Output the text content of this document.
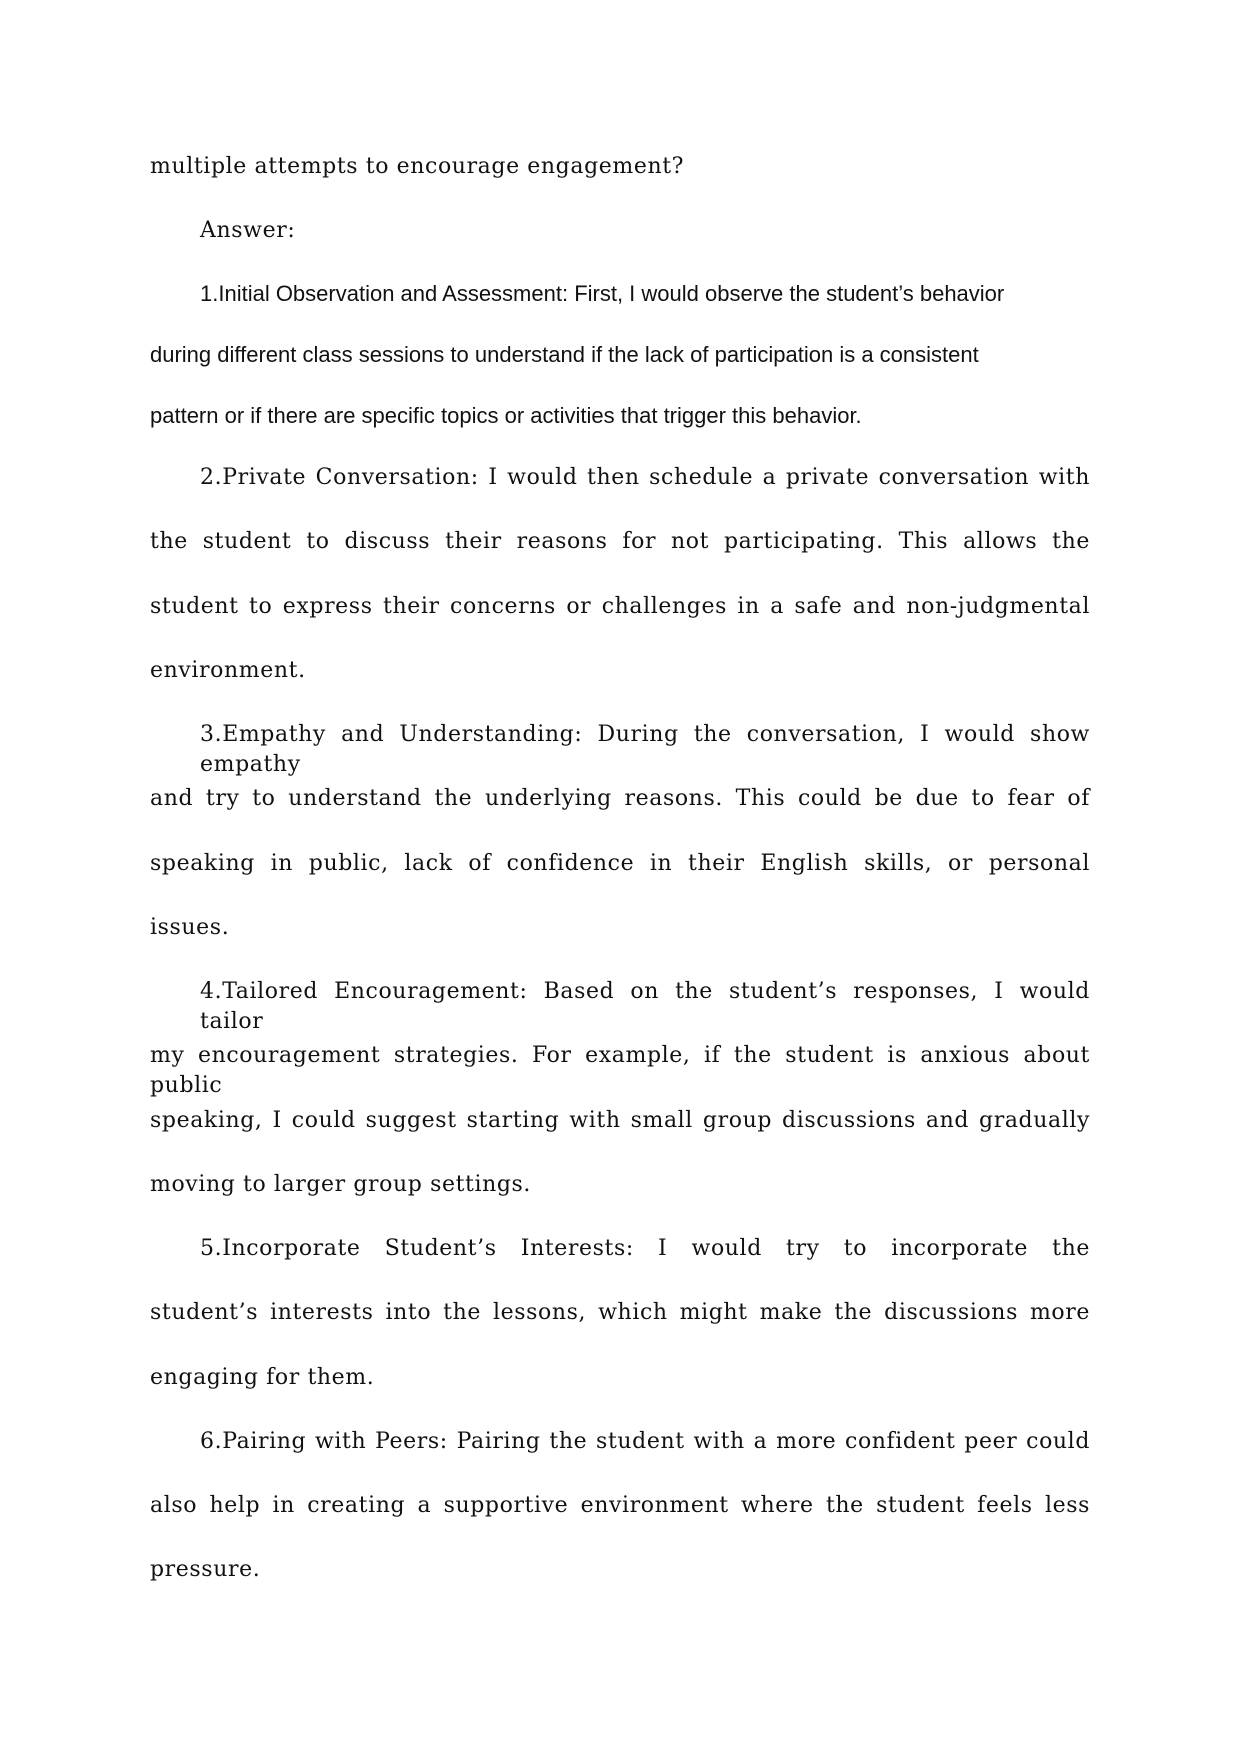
multiple attempts to encourage engagement?

Answer:

1.Initial Observation and Assessment: First, I would observe the student’s behavior

during different class sessions to understand if the lack of participation is a consistent

pattern or if there are specific topics or activities that trigger this behavior.

2.Private Conversation: I would then schedule a private conversation with

the student to discuss their reasons for not participating. This allows the

student to express their concerns or challenges in a safe and non-judgmental

environment.

3.Empathy and Understanding: During the conversation, I would show empathy

and try to understand the underlying reasons. This could be due to fear of

speaking in public, lack of confidence in their English skills, or personal

issues.

4.Tailored Encouragement: Based on the student’s responses, I would tailor

my encouragement strategies. For example, if the student is anxious about public

speaking, I could suggest starting with small group discussions and gradually

moving to larger group settings.

5.Incorporate Student’s Interests: I would try to incorporate the

student’s interests into the lessons, which might make the discussions more

engaging for them.

6.Pairing with Peers: Pairing the student with a more confident peer could

also help in creating a supportive environment where the student feels less

pressure.
